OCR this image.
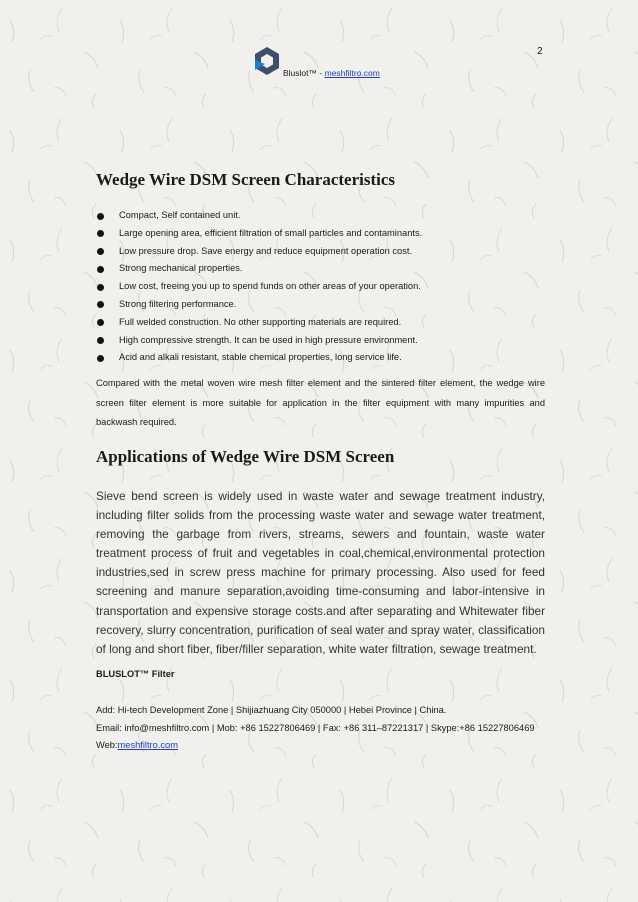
2
Bluslot™ - meshfiltro.com
Wedge Wire DSM Screen Characteristics
Compact, Self contained unit.
Large opening area, efficient filtration of small particles and contaminants.
Low pressure drop. Save energy and reduce equipment operation cost.
Strong mechanical properties.
Low cost, freeing you up to spend funds on other areas of your operation.
Strong filtering performance.
Full welded construction. No other supporting materials are required.
High compressive strength. It can be used in high pressure environment.
Acid and alkali resistant, stable chemical properties, long service life.

Compared with the metal woven wire mesh filter element and the sintered filter element, the wedge wire screen filter element is more suitable for application in the filter equipment with many impurities and backwash required.

Applications of Wedge Wire DSM Screen

Sieve bend screen is widely used in waste water and sewage treatment industry, including filter solids from the processing waste water and sewage water treatment, removing the garbage from rivers, streams, sewers and fountain, waste water treatment process of fruit and vegetables in coal,chemical,environmental protection industries,sed in screw press machine for primary processing. Also used for feed screening and manure separation,avoiding time-consuming and labor-intensive in transportation and expensive storage costs.and after separating and Whitewater fiber recovery, slurry concentration, purification of seal water and spray water, classification of long and short fiber, fiber/filler separation, white water filtration, sewage treatment.

BLUSLOT™ Filter
Add: Hi-tech Development Zone | Shijiazhuang City 050000 | Hebei Province | China.
Email: info@meshfiltro.com | Mob: +86 15227806469 | Fax: +86 311–87221317 | Skype:+86 15227806469
Web:meshfiltro.com
